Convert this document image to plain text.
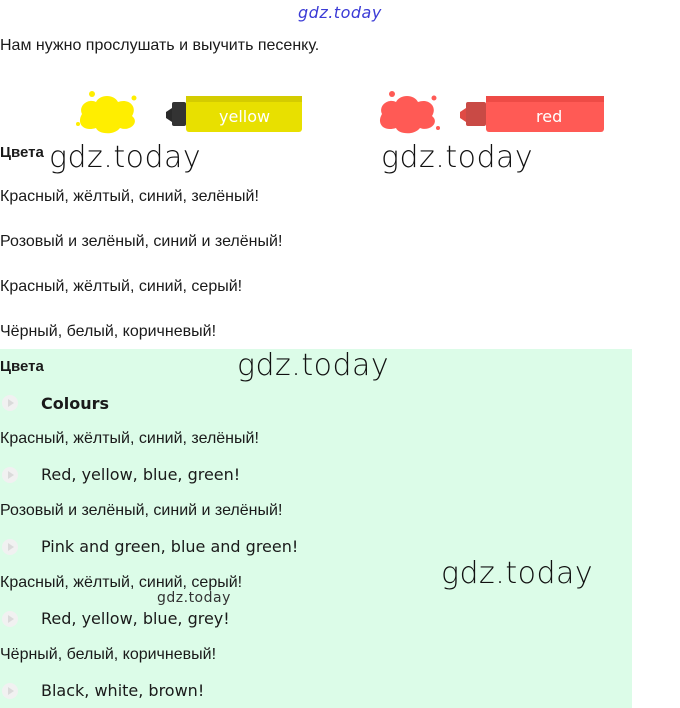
gdz.today
Нам нужно прослушать и выучить песенку.
yellow	red
Цвета gdz.today	gdz.today
Красный, жёлтый, синий, зелёный!
Розовый и зелёный, синий и зелёный!
Красный, жёлтый, синий, серый!
Чёрный, белый, коричневый!
Цвета	gdz.today
Colours
Красный, жёлтый, синий, зелёный!
Red, yellow, blue, green!
Розовый и зелёный, синий и зелёный!
Pink and green, blue and green!
Красный, жёлтый, синий, серый!
gdz.today
gdz.today
Red, yellow, blue, grey!
Чёрный, белый, коричневый!
Black, white, brown!
